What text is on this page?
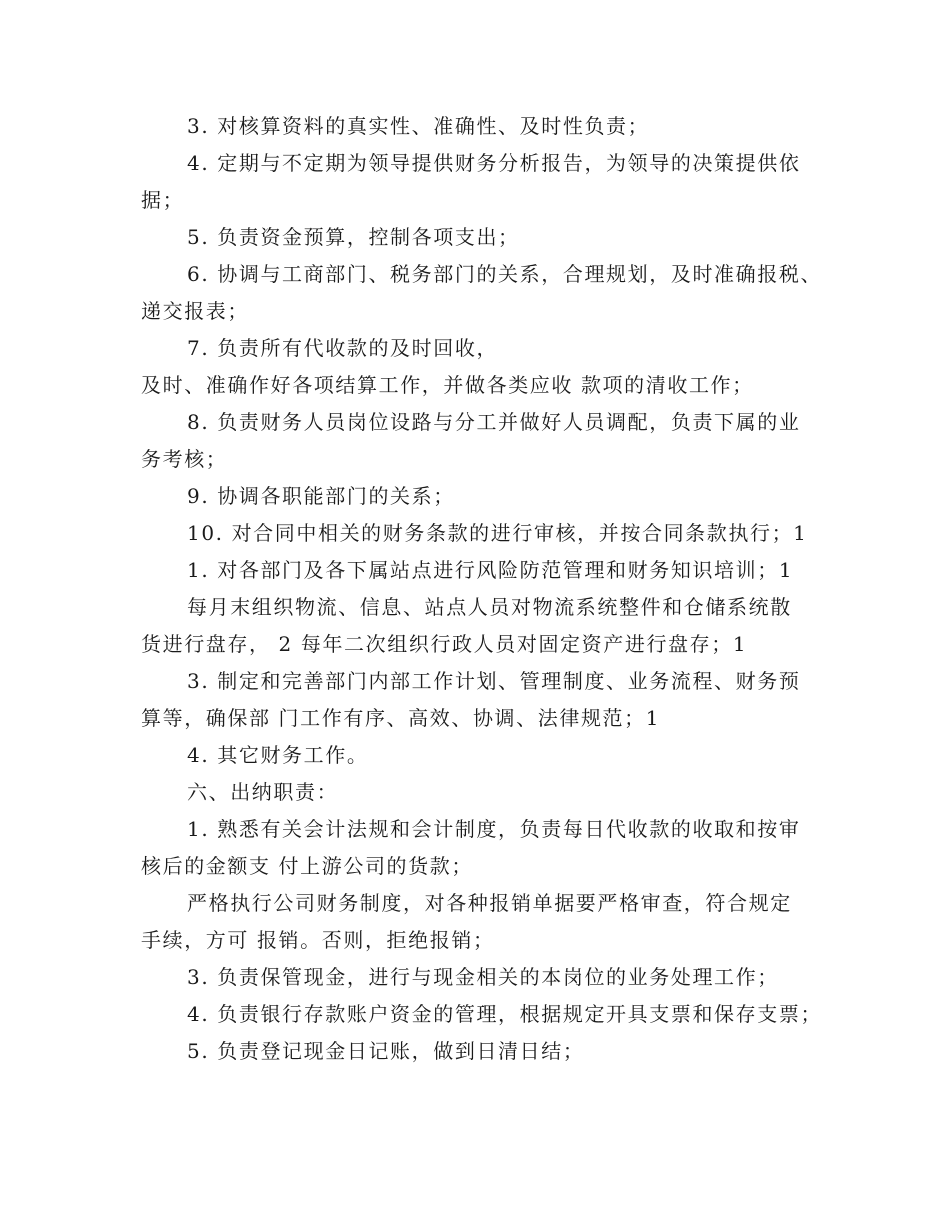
3. 对核算资料的真实性、准确性、及时性负责；
4. 定期与不定期为领导提供财务分析报告，为领导的决策提供依
据；
5. 负责资金预算，控制各项支出；
6. 协调与工商部门、税务部门的关系，合理规划，及时准确报税、
递交报表；
7. 负责所有代收款的及时回收，
及时、准确作好各项结算工作，并做各类应收 款项的清收工作；
8. 负责财务人员岗位设路与分工并做好人员调配，负责下属的业
务考核；
9. 协调各职能部门的关系；
10. 对合同中相关的财务条款的进行审核，并按合同条款执行；1
1. 对各部门及各下属站点进行风险防范管理和财务知识培训；1
每月末组织物流、信息、站点人员对物流系统整件和仓储系统散
货进行盘存， 2 每年二次组织行政人员对固定资产进行盘存；1
3. 制定和完善部门内部工作计划、管理制度、业务流程、财务预
算等，确保部 门工作有序、高效、协调、法律规范；1
4. 其它财务工作。
六、出纳职责：
1. 熟悉有关会计法规和会计制度，负责每日代收款的收取和按审
核后的金额支 付上游公司的货款；
严格执行公司财务制度，对各种报销单据要严格审查，符合规定
手续，方可 报销。否则，拒绝报销；
3. 负责保管现金，进行与现金相关的本岗位的业务处理工作；
4. 负责银行存款账户资金的管理，根据规定开具支票和保存支票；
5. 负责登记现金日记账，做到日清日结；
